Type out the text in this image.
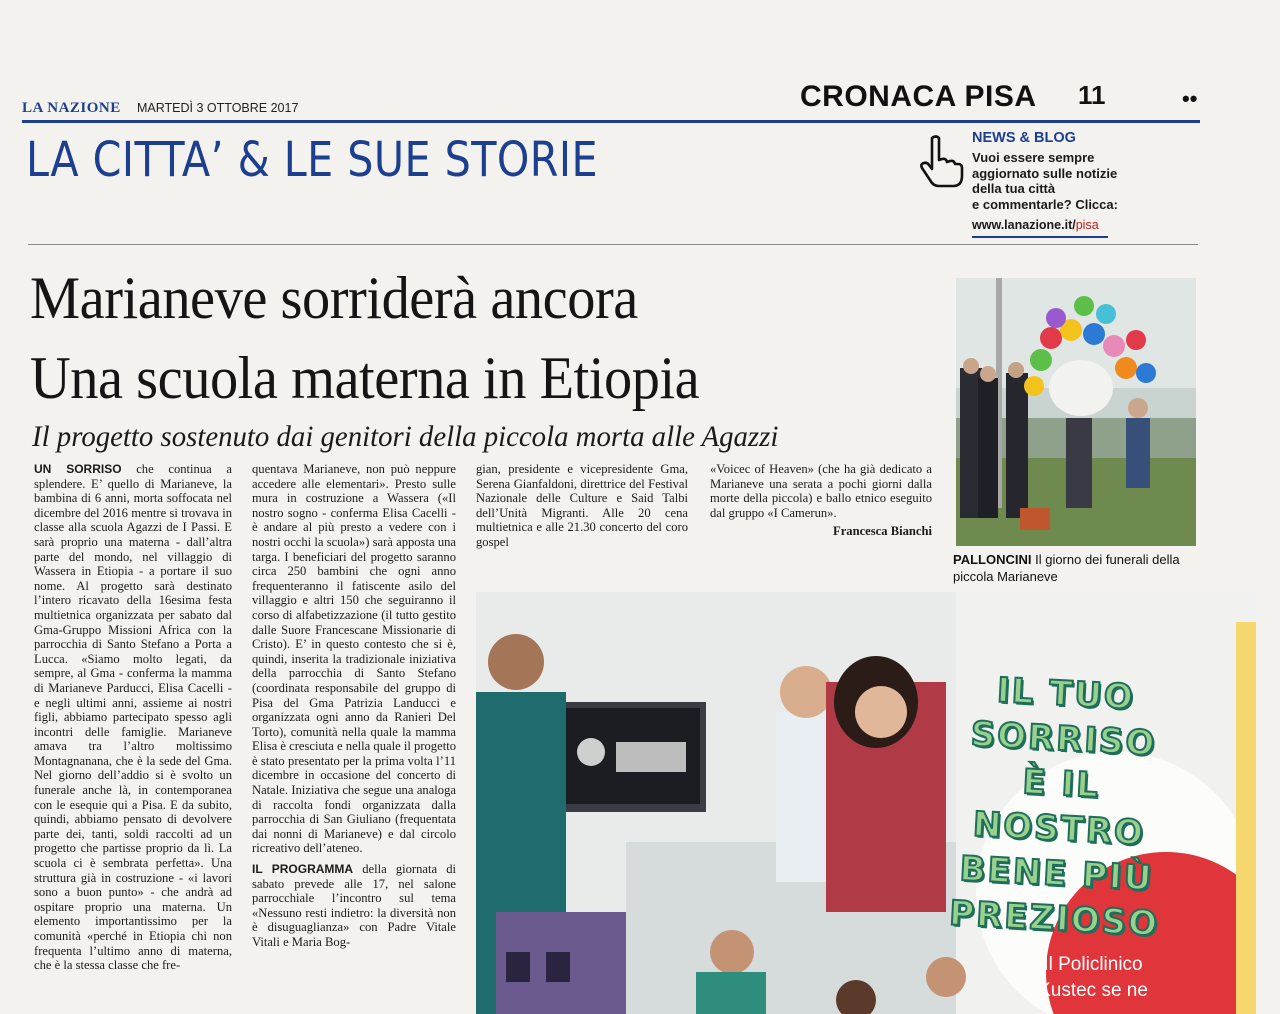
LA NAZIONE MARTEDÌ 3 OTTOBRE 2017	CRONACA PISA 11	••
LA CITTA’ & LE SUE STORIE	NEWS & BLOG
Vuoi essere sempre
aggiornato sulle notizie
della tua città
e commentarle? Clicca:
www.lanazione.it/pisa
Marianeve sorriderà ancora
Una scuola materna in Etiopia
Il progetto sostenuto dai genitori della piccola morta alle Agazzi
UN SORRISO che continua a splendere. E’ quello di Marianeve, la bambina di 6 anni, morta soffocata nel dicembre del 2016 mentre si trovava in classe alla scuola Agazzi de I Passi. E sarà proprio una materna - dall’altra parte del mondo, nel villaggio di Wassera in Etiopia - a portare il suo nome. Al progetto sarà destinato l’intero ricavato della 16esima festa multietnica organizzata per sabato dal Gma-Gruppo Missioni Africa con la parrocchia di Santo Stefano a Porta a Lucca. «Siamo molto legati, da sempre, al Gma - conferma la mamma di Marianeve Parducci, Elisa Cacelli - e negli ultimi anni, assieme ai nostri figli, abbiamo partecipato spesso agli incontri delle famiglie. Marianeve amava tra l’altro moltissimo Montagnanana, che è la sede del Gma. Nel giorno dell’addio si è svolto un funerale anche là, in contemporanea con le esequie qui a Pisa. E da subito, quindi, abbiamo pensato di devolvere parte dei, tanti, soldi raccolti ad un progetto che partisse proprio da lì. La scuola ci è sembrata perfetta». Una struttura già in costruzione - «i lavori sono a buon punto» - che andrà ad ospitare proprio una materna. Un elemento importantissimo per la comunità «perché in Etiopia chi non frequenta l’ultimo anno di materna, che è la stessa classe che fre-
quentava Marianeve, non può neppure accedere alle elementari». Presto sulle mura in costruzione a Wassera («Il nostro sogno - conferma Elisa Cacelli - è andare al più presto a vedere con i nostri occhi la scuola») sarà apposta una targa. I beneficiari del progetto saranno circa 250 bambini che ogni anno frequenteranno il fatiscente asilo del villaggio e altri 150 che seguiranno il corso di alfabetizzazione (il tutto gestito dalle Suore Francescane Missionarie di Cristo). E’ in questo contesto che si è, quindi, inserita la tradizionale iniziativa della parrocchia di Santo Stefano (coordinata responsabile del gruppo di Pisa del Gma Patrizia Landucci e organizzata ogni anno da Ranieri Del Torto), comunità nella quale la mamma Elisa è cresciuta e nella quale il progetto è stato presentato per la prima volta l’11 dicembre in occasione del concerto di Natale. Iniziativa che segue una analoga di raccolta fondi organizzata dalla parrocchia di San Giuliano (frequentata dai nonni di Marianeve) e dal circolo ricreativo dell’ateneo.
IL PROGRAMMA della giornata di sabato prevede alle 17, nel salone parrocchiale l’incontro sul tema «Nessuno resti indietro: la diversità non è disuguaglianza» con Padre Vitale Vitali e Maria Bog-
gian, presidente e vicepresidente Gma, Serena Gianfaldoni, direttrice del Festival Nazionale delle Culture e Said Talbi dell’Unità Migranti. Alle 20 cena multietnica e alle 21.30 concerto del coro gospel
«Voicec of Heaven» (che ha già dedicato a Marianeve una serata a pochi giorni dalla morte della piccola) e ballo etnico eseguito dal gruppo «I Camerun».
Francesca Bianchi
PALLONCINI Il giorno dei funerali della piccola Marianeve
IL TUO
SORRISO
È IL NOSTRO
BENE PIÙ
PREZIOSO
Il Policlinico
Kustec se ne
